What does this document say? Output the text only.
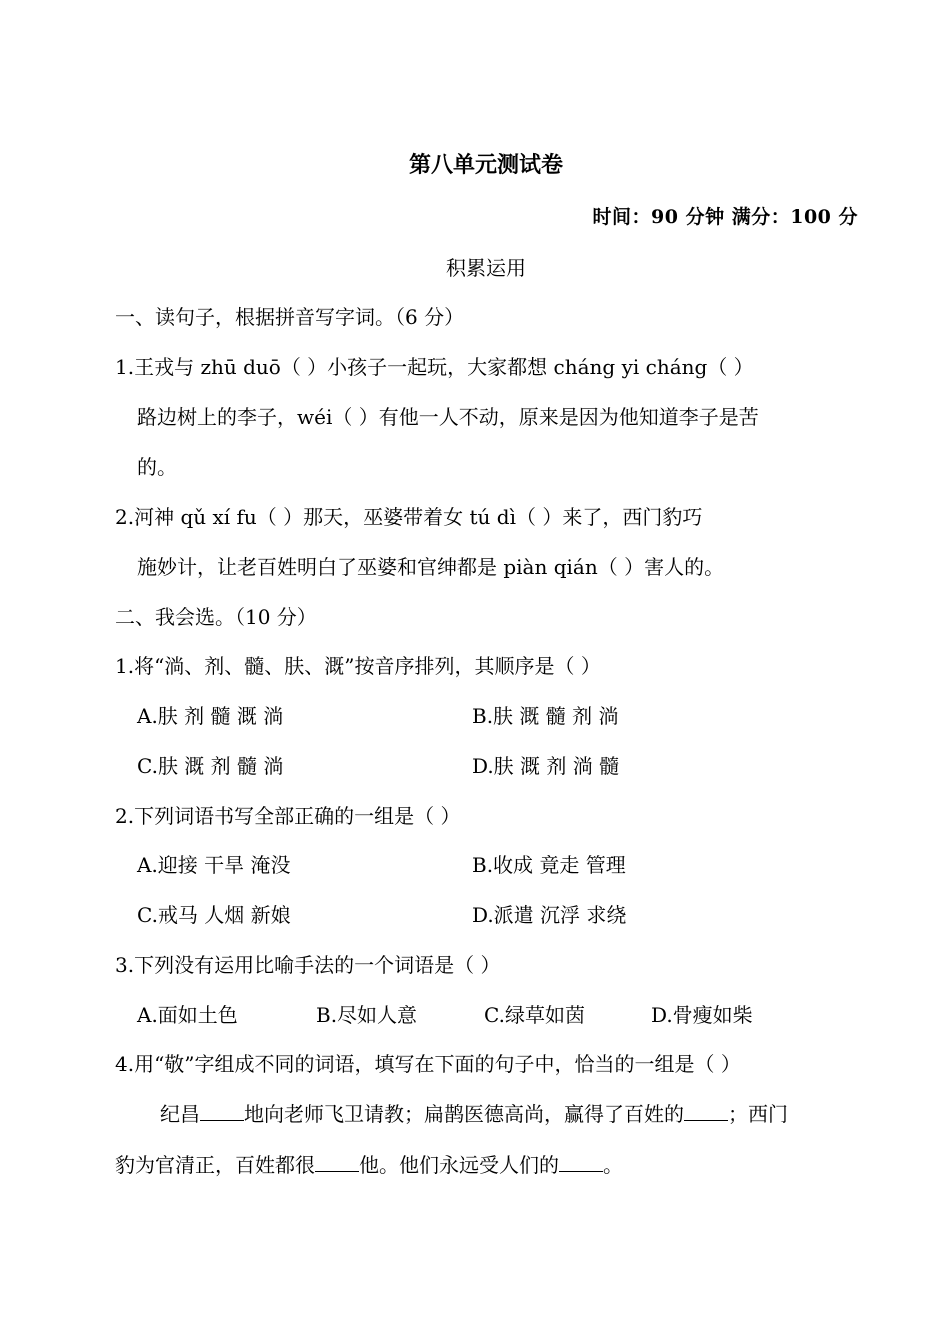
第八单元测试卷
时间：90 分钟 满分：100 分
积累运用
一、读句子，根据拼音写字词。（6 分）
1.王戎与 zhū duō（ ）小孩子一起玩，大家都想 cháng yi cháng（ ）
路边树上的李子，wéi（ ）有他一人不动，原来是因为他知道李子是苦
的。
2.河神 qǔ xí fu（ ）那天，巫婆带着女 tú dì（ ）来了，西门豹巧
施妙计，让老百姓明白了巫婆和官绅都是 piàn qián（ ）害人的。
二、我会选。（10 分）
1.将“淌、剂、髓、肤、溉”按音序排列，其顺序是（ ）
A.肤 剂 髓 溉 淌	B.肤 溉 髓 剂 淌
C.肤 溉 剂 髓 淌	D.肤 溉 剂 淌 髓
2.下列词语书写全部正确的一组是（ ）
A.迎接 干旱 淹没	B.收成 竟走 管理
C.戒马 人烟 新娘	D.派遣 沉浮 求绕
3.下列没有运用比喻手法的一个词语是（ ）
A.面如土色	B.尽如人意	C.绿草如茵	D.骨瘦如柴
4.用“敬”字组成不同的词语，填写在下面的句子中，恰当的一组是（ ）
纪昌 地向老师飞卫请教；扁鹊医德高尚，赢得了百姓的 ；西门
豹为官清正，百姓都很 他。他们永远受人们的 。
